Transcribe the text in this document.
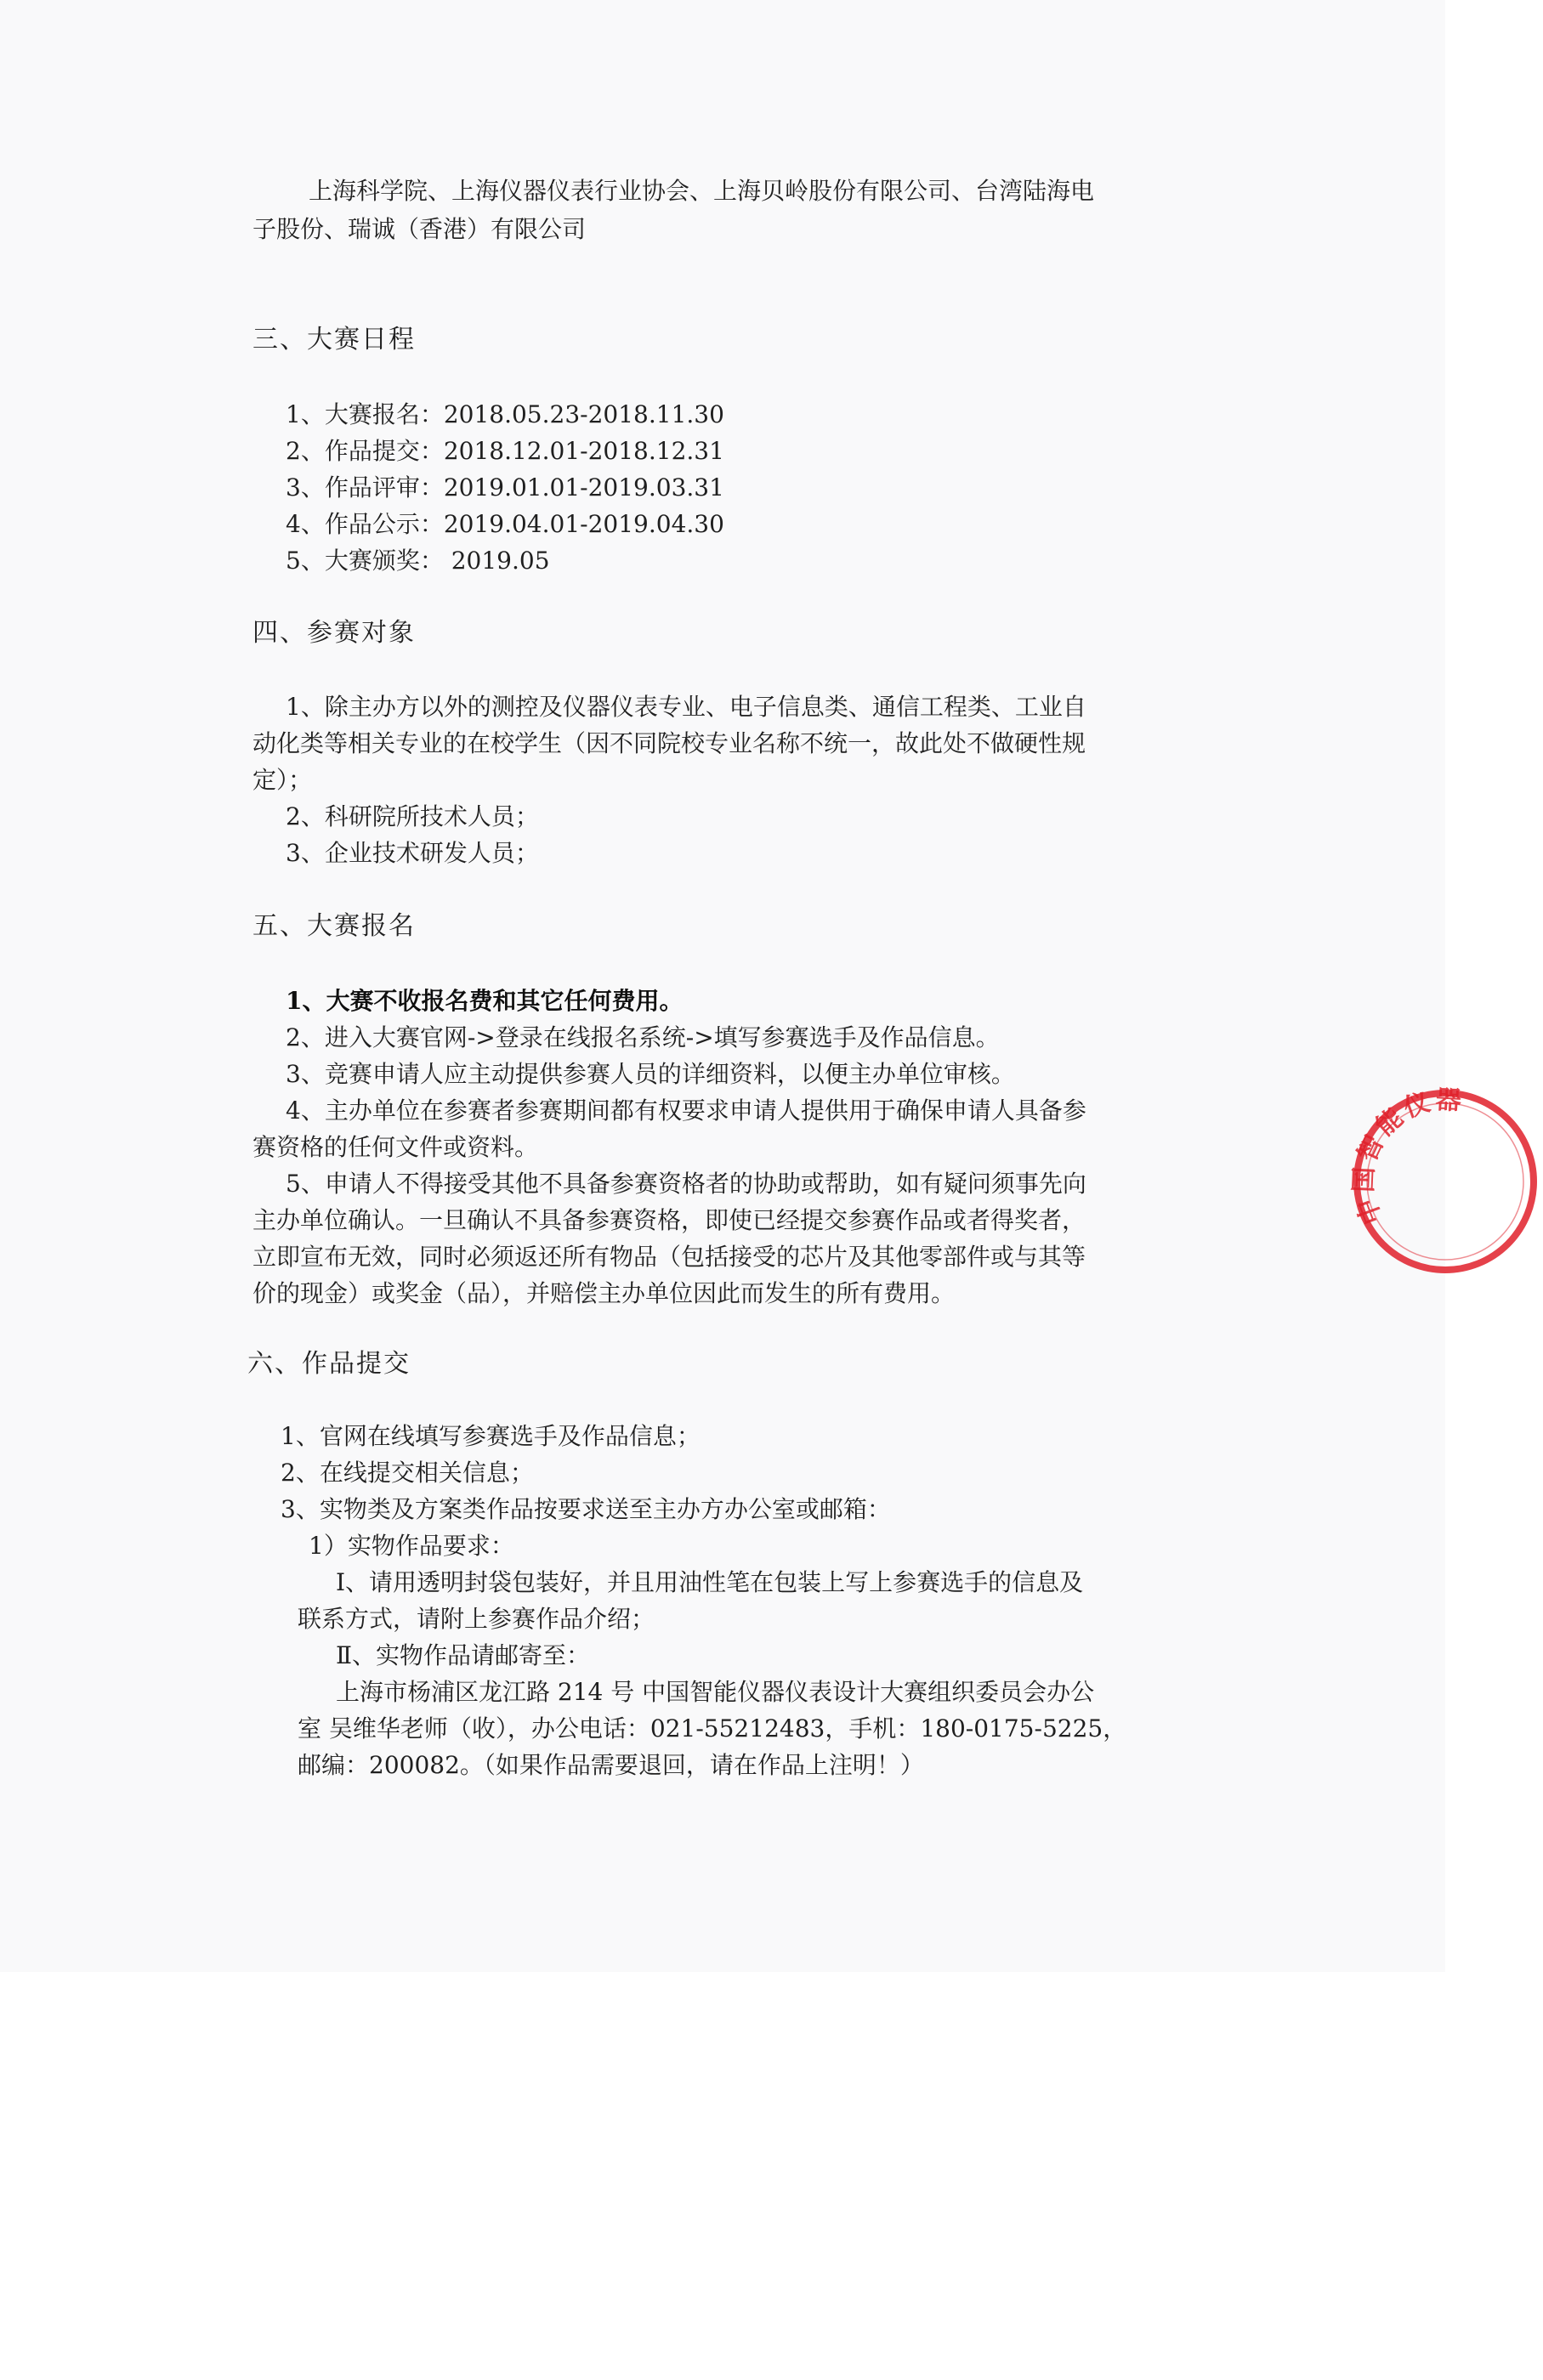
上海科学院、上海仪器仪表行业协会、上海贝岭股份有限公司、台湾陆海电
子股份、瑞诚（香港）有限公司
三、大赛日程
1、大赛报名：2018.05.23-2018.11.30
2、作品提交：2018.12.01-2018.12.31
3、作品评审：2019.01.01-2019.03.31
4、作品公示：2019.04.01-2019.04.30
5、大赛颁奖： 2019.05
四、参赛对象
1、除主办方以外的测控及仪器仪表专业、电子信息类、通信工程类、工业自
动化类等相关专业的在校学生（因不同院校专业名称不统一，故此处不做硬性规
定）；
2、科研院所技术人员；
3、企业技术研发人员；
五、大赛报名
1、大赛不收报名费和其它任何费用。
2、进入大赛官网->登录在线报名系统->填写参赛选手及作品信息。
3、竞赛申请人应主动提供参赛人员的详细资料，以便主办单位审核。
4、主办单位在参赛者参赛期间都有权要求申请人提供用于确保申请人具备参
赛资格的任何文件或资料。
5、申请人不得接受其他不具备参赛资格者的协助或帮助，如有疑问须事先向
主办单位确认。一旦确认不具备参赛资格，即使已经提交参赛作品或者得奖者，
立即宣布无效，同时必须返还所有物品（包括接受的芯片及其他零部件或与其等
价的现金）或奖金（品），并赔偿主办单位因此而发生的所有费用。
六、作品提交
1、官网在线填写参赛选手及作品信息；
2、在线提交相关信息；
3、实物类及方案类作品按要求送至主办方办公室或邮箱：
1）实物作品要求：
Ⅰ、请用透明封袋包装好，并且用油性笔在包装上写上参赛选手的信息及
联系方式，请附上参赛作品介绍；
Ⅱ、实物作品请邮寄至：
上海市杨浦区龙江路 214 号 中国智能仪器仪表设计大赛组织委员会办公
室 吴维华老师（收），办公电话：021-55212483，手机：180-0175-5225，
邮编：200082。（如果作品需要退回，请在作品上注明！）
中国智能仪器
